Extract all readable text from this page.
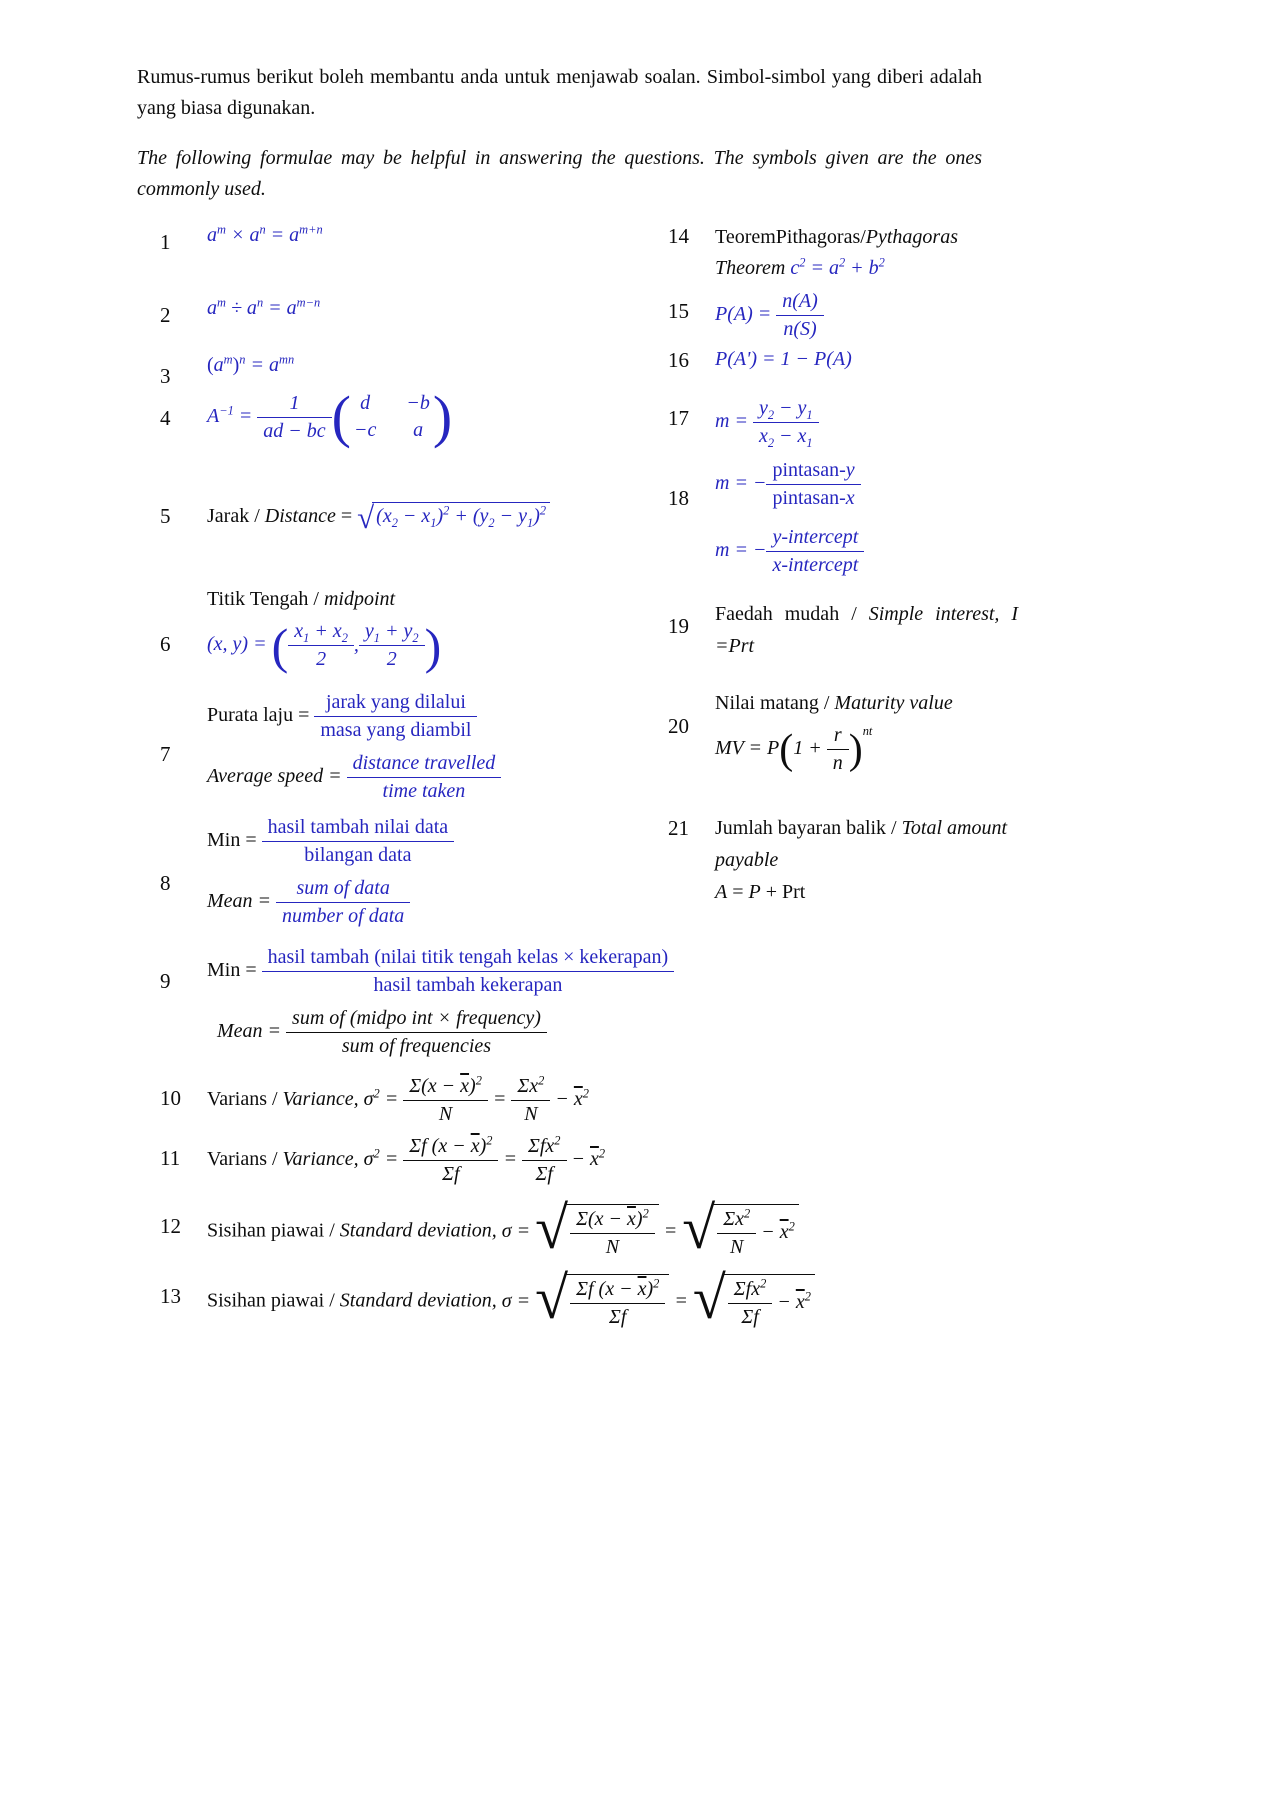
Rumus-rumus berikut boleh membantu anda untuk menjawab soalan. Simbol-simbol yang diberi adalah yang biasa digunakan.
The following formulae may be helpful in answering the questions. The symbols given are the ones commonly used.
1	$a^m \times a^n = a^{m+n}$
2	$a^m \div a^n = a^{m-n}$
3	$(a^m)^n = a^{mn}$
4	$A^{-1} = \frac{1}{ad - bc}$ ( d	−b
−c	a )
5	Jarak / Distance = √ $(x_2 - x_1)^2 + (y_2 - y_1)^2$
6
Titik Tengah / midpoint
(x, y) = ( $\frac{x_1 + x_2}{2}$ , $\frac{y_1 + y_2}{2}$ )
7
Purata laju = $\frac{\text{jarak yang dilalui}}{\text{masa yang diambil}}$
Average speed = $\frac{\text{distance travelled}}{\text{time taken}}$
8
Min = $\frac{\text{hasil tambah nilai data}}{\text{bilangan data}}$
Mean = $\frac{\text{sum of data}}{\text{number of data}}$
9	Min = $\frac{\text{hasil tambah (nilai titik tengah kelas × kekerapan)}}{\text{hasil tambah kekerapan}}$
Mean = $\frac{\text{sum of (midpo int × frequency)}}{\text{sum of frequencies}}$
10	Varians / Variance, $\sigma^2 = \frac{\Sigma(x - \overline{x})^2}{N} = \frac{\Sigma x^2}{N} - \overline{x}^2$
11	Varians / Variance, $\sigma^2 = \frac{\Sigma f (x - \overline{x})^2}{\Sigma f} = \frac{\Sigma fx^2}{\Sigma f} - \overline{x}^2$
12	Sisihan piawai / Standard deviation, σ = √ $\frac{\Sigma(x - \overline{x})^2}{N}$ = √ $\frac{\Sigma x^2}{N} - \overline{x}^2$
13	Sisihan piawai / Standard deviation, σ = √ $\frac{\Sigma f (x - \overline{x})^2}{\Sigma f}$ = √ $\frac{\Sigma fx^2}{\Sigma f} - \overline{x}^2$
14	TeoremPithagoras/Pythagoras
Theorem $c^2 = a^2 + b^2$
15	$P(A) = \frac{n(A)}{n(S)}$
16	P(A') = 1 − P(A)
17	$m = \frac{y_2 - y_1}{x_2 - x_1}$
18
m = − $\frac{\text{pintasan-y}}{\text{pintasan-x}}$
m = − $\frac{\text{y-intercept}}{\text{x-intercept}}$
19	Faedah mudah / Simple interest, I
=Prt
20
Nilai matang / Maturity value
MV = P ( $1 + \frac{r}{n}$ ) $^{nt}$
21	Jumlah bayaran balik / Total amount
payable
A = P + Prt
